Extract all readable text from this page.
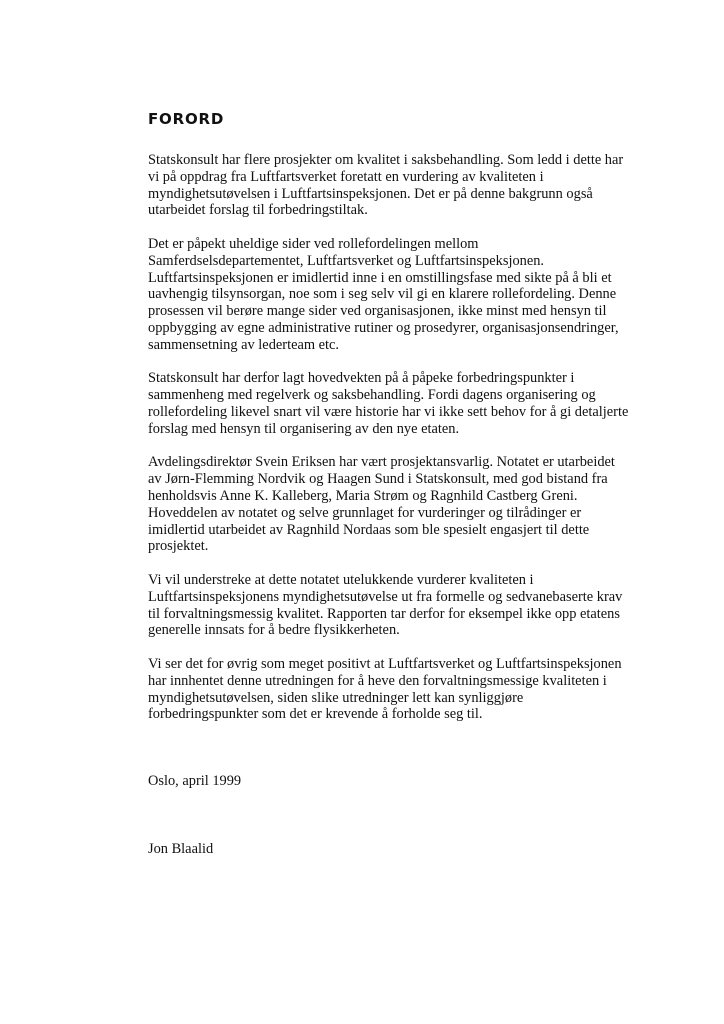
FORORD

Statskonsult har flere prosjekter om kvalitet i saksbehandling. Som ledd i dette har
vi på oppdrag fra Luftfartsverket foretatt en vurdering av kvaliteten i
myndighetsutøvelsen i Luftfartsinspeksjonen. Det er på denne bakgrunn også
utarbeidet forslag til forbedringstiltak.

Det er påpekt uheldige sider ved rollefordelingen mellom
Samferdselsdepartementet, Luftfartsverket og Luftfartsinspeksjonen.
Luftfartsinspeksjonen er imidlertid inne i en omstillingsfase med sikte på å bli et
uavhengig tilsynsorgan, noe som i seg selv vil gi en klarere rollefordeling. Denne
prosessen vil berøre mange sider ved organisasjonen, ikke minst med hensyn til
oppbygging av egne administrative rutiner og prosedyrer, organisasjonsendringer,
sammensetning av lederteam etc.

Statskonsult har derfor lagt hovedvekten på å påpeke forbedringspunkter i
sammenheng med regelverk og saksbehandling. Fordi dagens organisering og
rollefordeling likevel snart vil være historie har vi ikke sett behov for å gi detaljerte
forslag med hensyn til organisering av den nye etaten.

Avdelingsdirektør Svein Eriksen har vært prosjektansvarlig. Notatet er utarbeidet
av Jørn-Flemming Nordvik og Haagen Sund i Statskonsult, med god bistand fra
henholdsvis Anne K. Kalleberg, Maria Strøm og Ragnhild Castberg Greni.
Hoveddelen av notatet og selve grunnlaget for vurderinger og tilrådinger er
imidlertid utarbeidet av Ragnhild Nordaas som ble spesielt engasjert til dette
prosjektet.

Vi vil understreke at dette notatet utelukkende vurderer kvaliteten i
Luftfartsinspeksjonens myndighetsutøvelse ut fra formelle og sedvanebaserte krav
til forvaltningsmessig kvalitet. Rapporten tar derfor for eksempel ikke opp etatens
generelle innsats for å bedre flysikkerheten.

Vi ser det for øvrig som meget positivt at Luftfartsverket og Luftfartsinspeksjonen
har innhentet denne utredningen for å heve den forvaltningsmessige kvaliteten i
myndighetsutøvelsen, siden slike utredninger lett kan synliggjøre
forbedringspunkter som det er krevende å forholde seg til.

Oslo, april 1999

Jon Blaalid
